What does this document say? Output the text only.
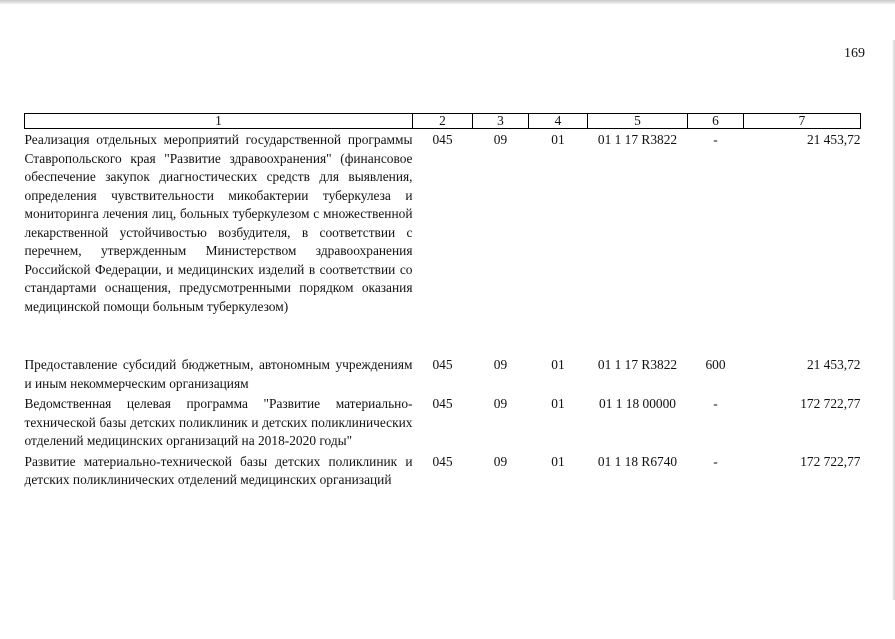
169
1	2	3	4	5	6	7
Реализация отдельных мероприятий государственной программы Ставропольского края "Развитие здравоохранения" (финансовое обеспечение закупок диагностических средств для выявления, определения чувствительности микобактерии туберкулеза и мониторинга лечения лиц, больных туберкулезом с множественной лекарственной устойчивостью возбудителя, в соответствии с перечнем, утвержденным Министерством здравоохранения Российской Федерации, и медицинских изделий в соответствии со стандартами оснащения, предусмотренными порядком оказания медицинской помощи больным туберкулезом)	045	09	01	01 1 17 R3822	-	21 453,72

Предоставление субсидий бюджетным, автономным учреждениям и иным некоммерческим организациям	045	09	01	01 1 17 R3822	600	21 453,72
Ведомственная целевая программа "Развитие материально-технической базы детских поликлиник и детских поликлинических отделений медицинских организаций на 2018-2020 годы"	045	09	01	01 1 18 00000	-	172 722,77
Развитие материально-технической базы детских поликлиник и детских поликлинических отделений медицинских организаций	045	09	01	01 1 18 R6740	-	172 722,77
